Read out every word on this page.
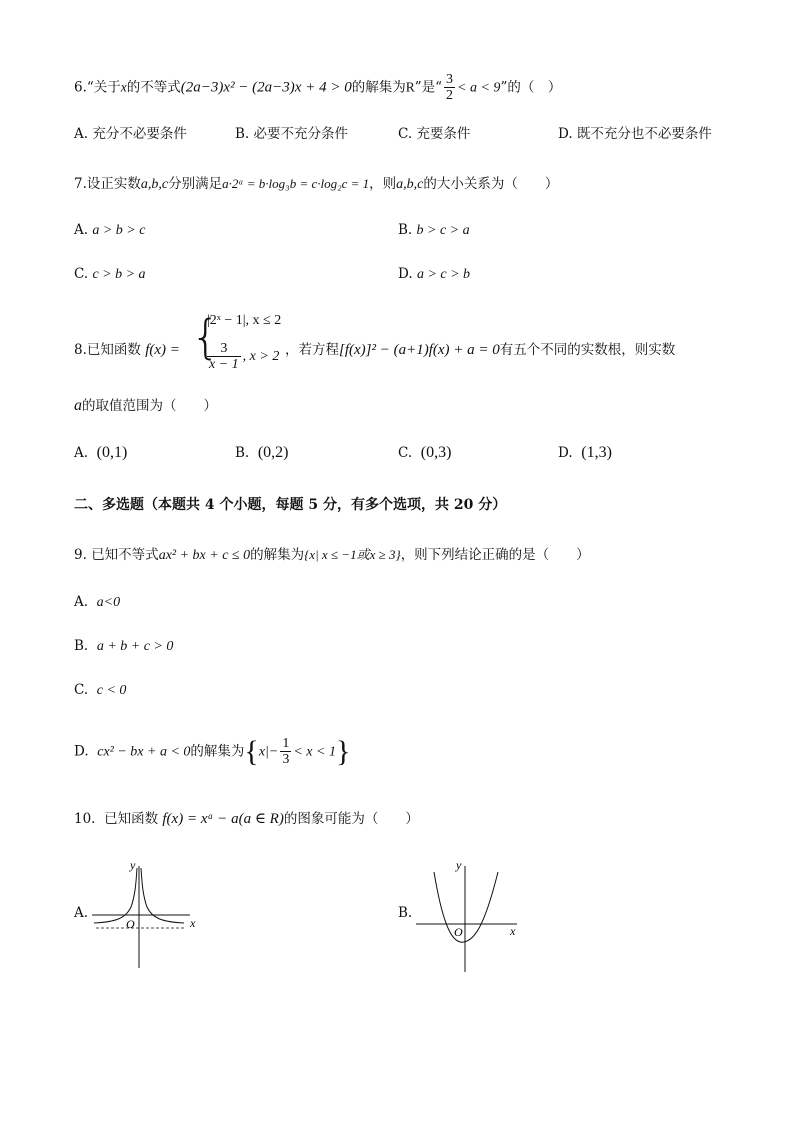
6.“关于x的不等式(2a−3)x² − (2a−3)x + 4 > 0的解集为R”是“ $\frac{3}{2} < a < 9$”的（　）
A. 充分不必要条件	B. 必要不充分条件	C. 充要条件	D. 既不充分也不必要条件
7.设正实数a,b,c分别满足a·2ᵃ = b·log₃b = c·log₂c = 1，则a,b,c的大小关系为（　　）
A. a > b > c	B. b > c > a
C. c > b > a	D. a > c > b
8.已知函数 f(x) = {
|2ˣ − 1|, x ≤ 2
$\frac{3}{x - 1}$ , x > 2 ，若方程[f(x)]² − (a+1)f(x) + a = 0有五个不同的实数根，则实数
a的取值范围为（　　）
A. (0,1)	B. (0,2)	C. (0,3)	D. (1,3)
二、多选题（本题共 4 个小题，每题 5 分，有多个选项，共 20 分）
9. 已知不等式ax² + bx + c ≤ 0的解集为{x| x ≤ −1或x ≥ 3}，则下列结论正确的是（　　）
A. a<0
B. a + b + c > 0
C. c < 0
D. cx² − bx + a < 0的解集为$\{x|- \frac{1}{3} < x < 1\}$
10. 已知函数 f(x) = xᵃ − a(a ∈ R)的图象可能为（　　）
A.
y
x
O
B.
y
x
O
